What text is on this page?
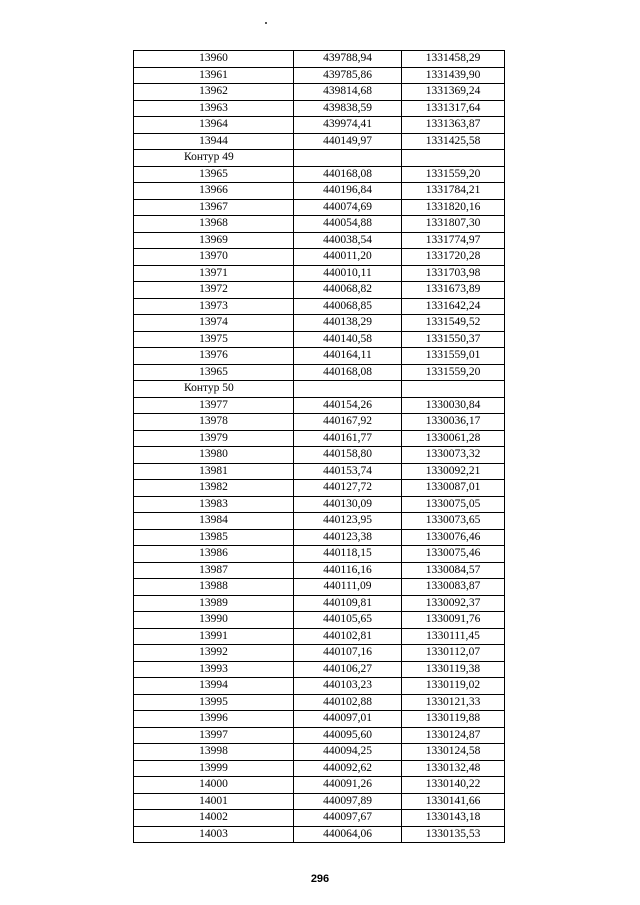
13960	439788,94	1331458,29
13961	439785,86	1331439,90
13962	439814,68	1331369,24
13963	439838,59	1331317,64
13964	439974,41	1331363,87
13944	440149,97	1331425,58
Контур 49		
13965	440168,08	1331559,20
13966	440196,84	1331784,21
13967	440074,69	1331820,16
13968	440054,88	1331807,30
13969	440038,54	1331774,97
13970	440011,20	1331720,28
13971	440010,11	1331703,98
13972	440068,82	1331673,89
13973	440068,85	1331642,24
13974	440138,29	1331549,52
13975	440140,58	1331550,37
13976	440164,11	1331559,01
13965	440168,08	1331559,20
Контур 50		
13977	440154,26	1330030,84
13978	440167,92	1330036,17
13979	440161,77	1330061,28
13980	440158,80	1330073,32
13981	440153,74	1330092,21
13982	440127,72	1330087,01
13983	440130,09	1330075,05
13984	440123,95	1330073,65
13985	440123,38	1330076,46
13986	440118,15	1330075,46
13987	440116,16	1330084,57
13988	440111,09	1330083,87
13989	440109,81	1330092,37
13990	440105,65	1330091,76
13991	440102,81	1330111,45
13992	440107,16	1330112,07
13993	440106,27	1330119,38
13994	440103,23	1330119,02
13995	440102,88	1330121,33
13996	440097,01	1330119,88
13997	440095,60	1330124,87
13998	440094,25	1330124,58
13999	440092,62	1330132,48
14000	440091,26	1330140,22
14001	440097,89	1330141,66
14002	440097,67	1330143,18
14003	440064,06	1330135,53
296
